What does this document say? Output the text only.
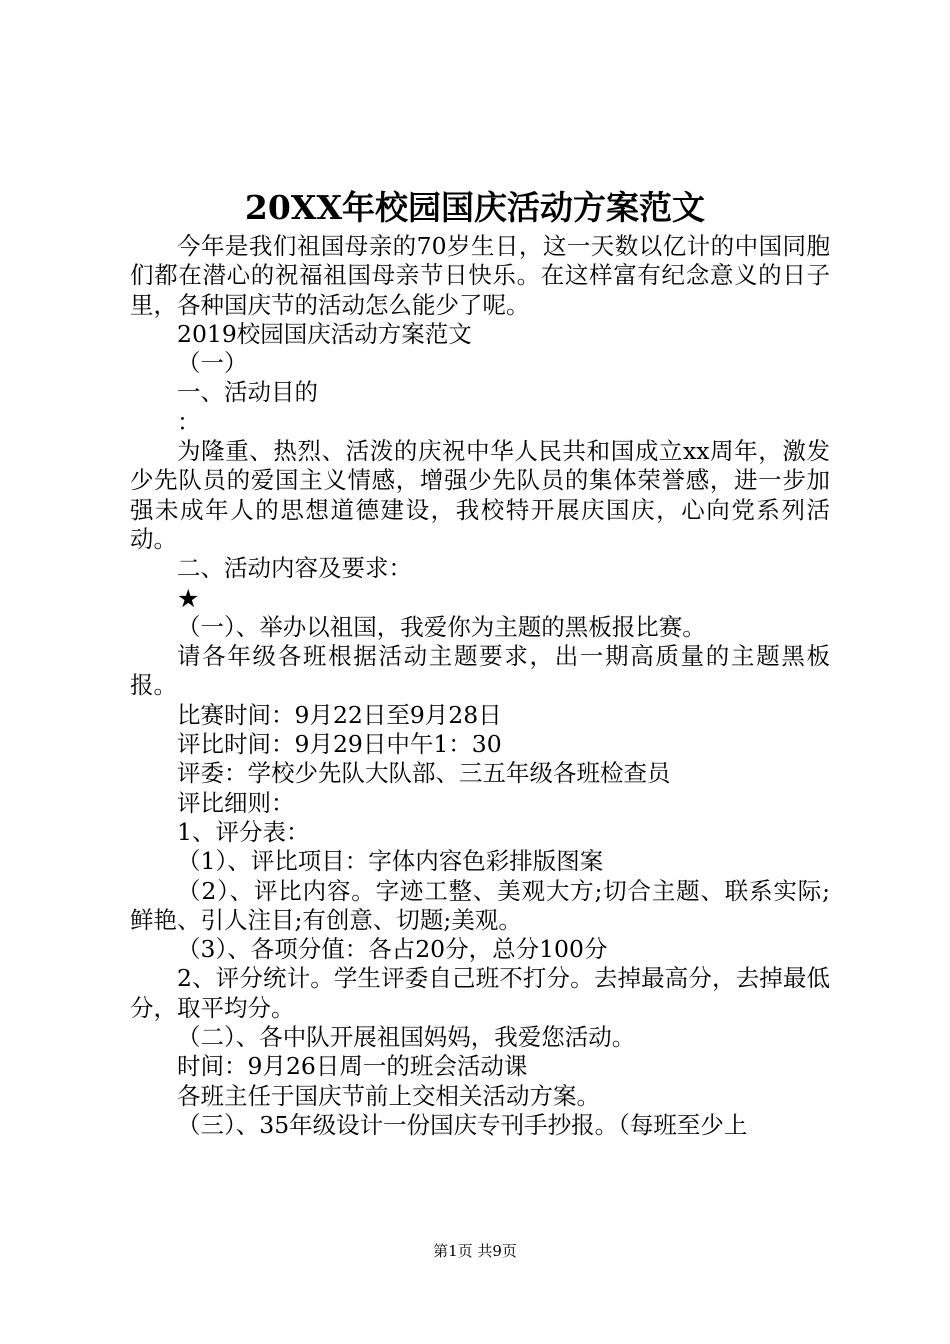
20XX年校园国庆活动方案范文

今年是我们祖国母亲的70岁生日，这一天数以亿计的中国同胞们都在潜心的祝福祖国母亲节日快乐。在这样富有纪念意义的日子里，各种国庆节的活动怎么能少了呢。

2019校园国庆活动方案范文

（一）

一、活动目的

：

为隆重、热烈、活泼的庆祝中华人民共和国成立xx周年，激发少先队员的爱国主义情感，增强少先队员的集体荣誉感，进一步加强未成年人的思想道德建设，我校特开展庆国庆，心向党系列活动。

二、活动内容及要求：

★

（一）、举办以祖国，我爱你为主题的黑板报比赛。

请各年级各班根据活动主题要求，出一期高质量的主题黑板报。

比赛时间：9月22日至9月28日

评比时间：9月29日中午1：30

评委：学校少先队大队部、三五年级各班检查员

评比细则：

1、评分表：

（1）、评比项目：字体内容色彩排版图案

（2）、评比内容。字迹工整、美观大方;切合主题、联系实际;鲜艳、引人注目;有创意、切题;美观。

（3）、各项分值：各占20分，总分100分

2、评分统计。学生评委自己班不打分。去掉最高分，去掉最低分，取平均分。

（二）、各中队开展祖国妈妈，我爱您活动。

时间：9月26日周一的班会活动课

各班主任于国庆节前上交相关活动方案。

（三）、35年级设计一份国庆专刊手抄报。（每班至少上

第1页 共9页
